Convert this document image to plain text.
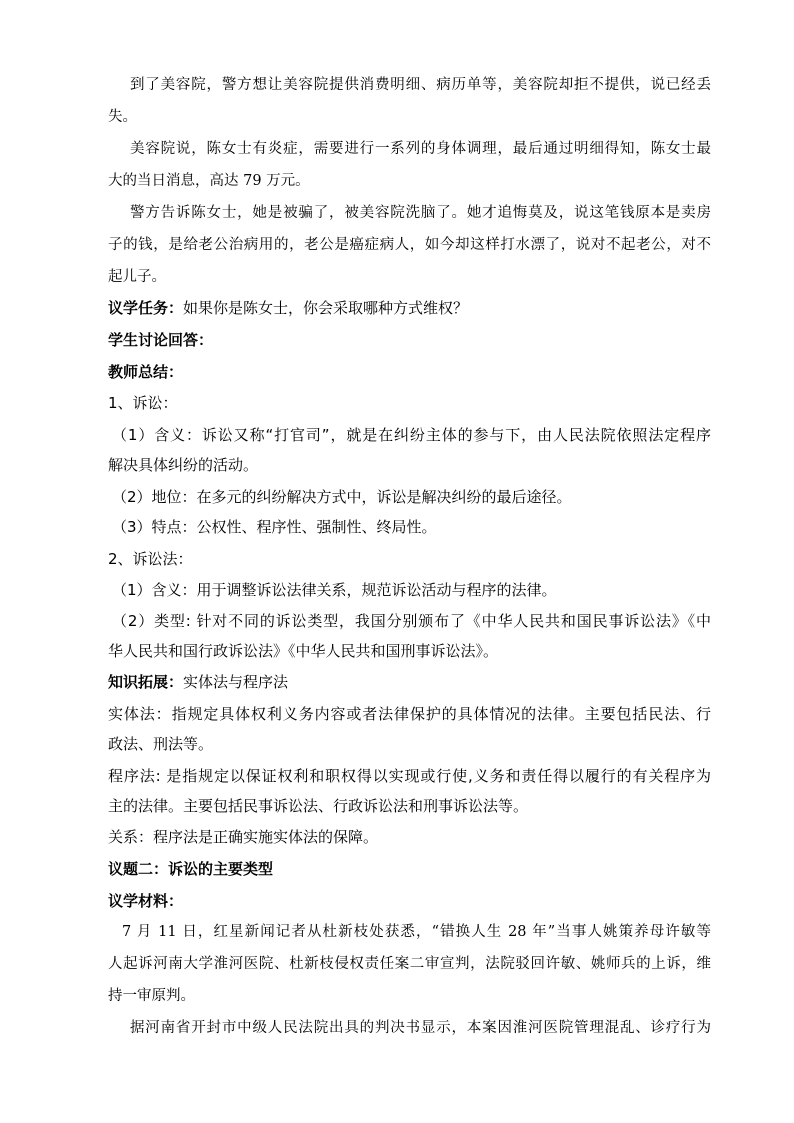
到了美容院，警方想让美容院提供消费明细、病历单等，美容院却拒不提供，说已经丢

失。

美容院说，陈女士有炎症，需要进行一系列的身体调理，最后通过明细得知，陈女士最

大的当日消息，高达 79 万元。

警方告诉陈女士，她是被骗了，被美容院洗脑了。她才追悔莫及，说这笔钱原本是卖房

子的钱，是给老公治病用的，老公是癌症病人，如今却这样打水漂了，说对不起老公，对不

起儿子。

议学任务：如果你是陈女士，你会采取哪种方式维权？

学生讨论回答：

教师总结：

1、诉讼：

（1）含义：诉讼又称“打官司”，就是在纠纷主体的参与下，由人民法院依照法定程序

解决具体纠纷的活动。

（2）地位：在多元的纠纷解决方式中，诉讼是解决纠纷的最后途径。

（3）特点：公权性、程序性、强制性、终局性。

2、诉讼法：

（1）含义：用于调整诉讼法律关系，规范诉讼活动与程序的法律。

（2）类型: 针对不同的诉讼类型，我国分别颁布了《中华人民共和国民事诉讼法》《中

华人民共和国行政诉讼法》《中华人民共和国刑事诉讼法》。

知识拓展：实体法与程序法

实体法：指规定具体权利义务内容或者法律保护的具体情况的法律。主要包括民法、行

政法、刑法等。

程序法: 是指规定以保证权利和职权得以实现或行使,义务和责任得以履行的有关程序为

主的法律。主要包括民事诉讼法、行政诉讼法和刑事诉讼法等。

关系：程序法是正确实施实体法的保障。

议题二：诉讼的主要类型

议学材料：

7 月 11 日，红星新闻记者从杜新枝处获悉，“错换人生 28 年”当事人姚策养母许敏等

人起诉河南大学淮河医院、杜新枝侵权责任案二审宣判，法院驳回许敏、姚师兵的上诉，维

持一审原判。

据河南省开封市中级人民法院出具的判决书显示，本案因淮河医院管理混乱、诊疗行为
